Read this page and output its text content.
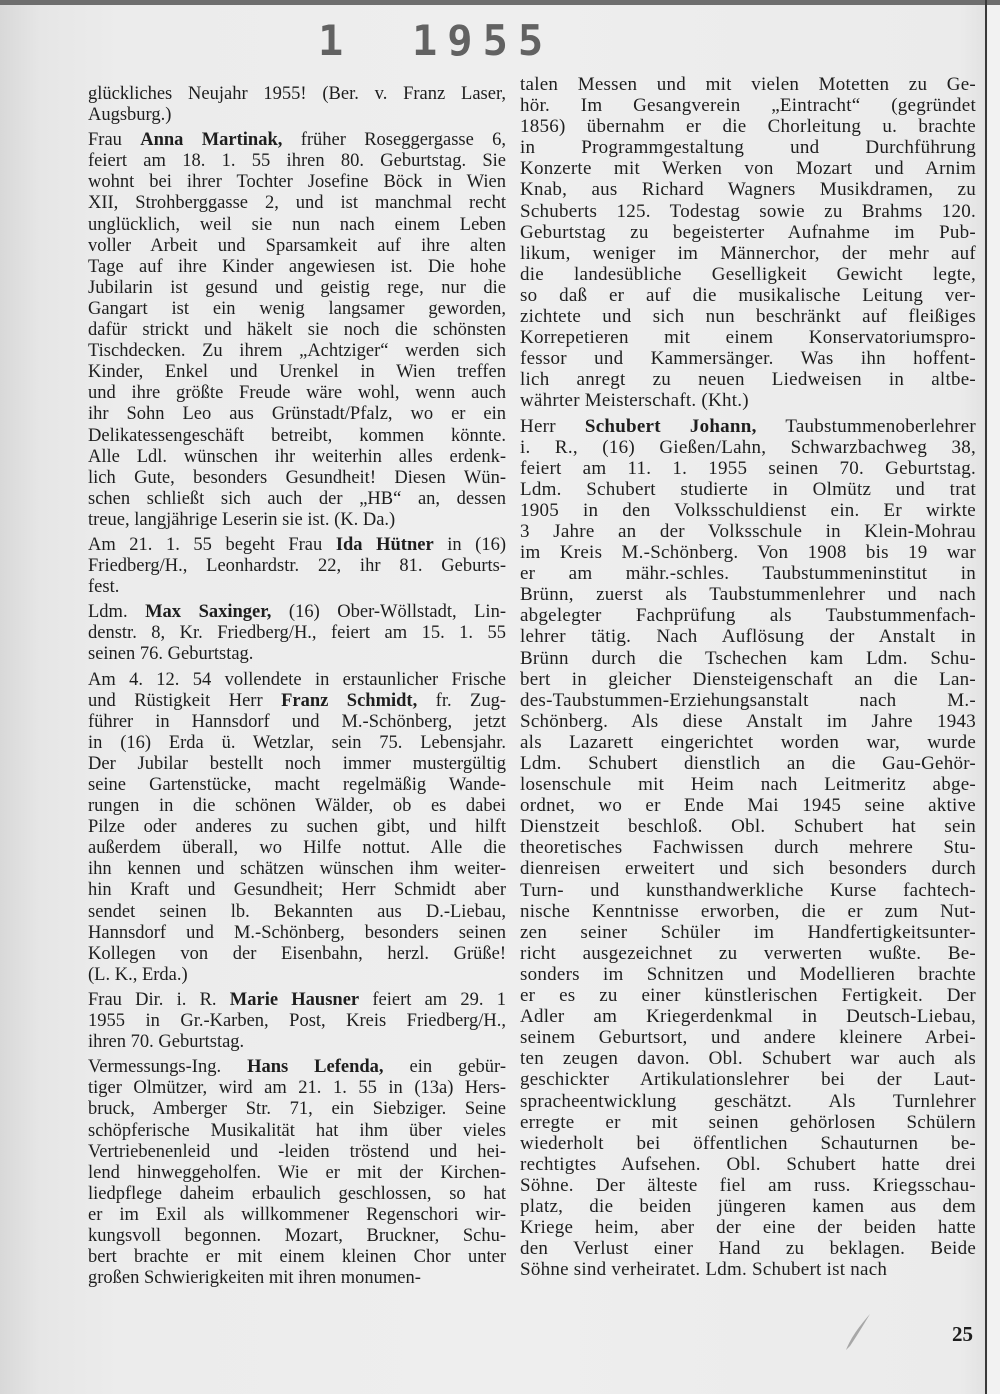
1 1955
glückliches Neujahr 1955! (Ber. v. Franz Laser,
Augsburg.)
Frau Anna Martinak, früher Roseggergasse 6,
feiert am 18. 1. 55 ihren 80. Geburtstag. Sie
wohnt bei ihrer Tochter Josefine Böck in Wien
XII, Strohberggasse 2, und ist manchmal recht
unglücklich, weil sie nun nach einem Leben
voller Arbeit und Sparsamkeit auf ihre alten
Tage auf ihre Kinder angewiesen ist. Die hohe
Jubilarin ist gesund und geistig rege, nur die
Gangart ist ein wenig langsamer geworden,
dafür strickt und häkelt sie noch die schönsten
Tischdecken. Zu ihrem „Achtziger“ werden sich
Kinder, Enkel und Urenkel in Wien treffen
und ihre größte Freude wäre wohl, wenn auch
ihr Sohn Leo aus Grünstadt/Pfalz, wo er ein
Delikatessengeschäft betreibt, kommen könnte.
Alle Ldl. wünschen ihr weiterhin alles erdenk-
lich Gute, besonders Gesundheit! Diesen Wün-
schen schließt sich auch der „HB“ an, dessen
treue, langjährige Leserin sie ist. (K. Da.)
Am 21. 1. 55 begeht Frau Ida Hütner in (16)
Friedberg/H., Leonhardstr. 22, ihr 81. Geburts-
fest.
Ldm. Max Saxinger, (16) Ober-Wöllstadt, Lin-
denstr. 8, Kr. Friedberg/H., feiert am 15. 1. 55
seinen 76. Geburtstag.
Am 4. 12. 54 vollendete in erstaunlicher Frische
und Rüstigkeit Herr Franz Schmidt, fr. Zug-
führer in Hannsdorf und M.-Schönberg, jetzt
in (16) Erda ü. Wetzlar, sein 75. Lebensjahr.
Der Jubilar bestellt noch immer mustergültig
seine Gartenstücke, macht regelmäßig Wande-
rungen in die schönen Wälder, ob es dabei
Pilze oder anderes zu suchen gibt, und hilft
außerdem überall, wo Hilfe nottut. Alle die
ihn kennen und schätzen wünschen ihm weiter-
hin Kraft und Gesundheit; Herr Schmidt aber
sendet seinen lb. Bekannten aus D.-Liebau,
Hannsdorf und M.-Schönberg, besonders seinen
Kollegen von der Eisenbahn, herzl. Grüße!
(L. K., Erda.)
Frau Dir. i. R. Marie Hausner feiert am 29. 1
1955 in Gr.-Karben, Post, Kreis Friedberg/H.,
ihren 70. Geburtstag.
Vermessungs-Ing. Hans Lefenda, ein gebür-
tiger Olmützer, wird am 21. 1. 55 in (13a) Hers-
bruck, Amberger Str. 71, ein Siebziger. Seine
schöpferische Musikalität hat ihm über vieles
Vertriebenenleid und -leiden tröstend und hei-
lend hinweggeholfen. Wie er mit der Kirchen-
liedpflege daheim erbaulich geschlossen, so hat
er im Exil als willkommener Regenschori wir-
kungsvoll begonnen. Mozart, Bruckner, Schu-
bert brachte er mit einem kleinen Chor unter
großen Schwierigkeiten mit ihren monumen-
talen Messen und mit vielen Motetten zu Ge-
hör. Im Gesangverein „Eintracht“ (gegründet
1856) übernahm er die Chorleitung u. brachte
in Programmgestaltung und Durchführung
Konzerte mit Werken von Mozart und Arnim
Knab, aus Richard Wagners Musikdramen, zu
Schuberts 125. Todestag sowie zu Brahms 120.
Geburtstag zu begeisterter Aufnahme im Pub-
likum, weniger im Männerchor, der mehr auf
die landesübliche Geselligkeit Gewicht legte,
so daß er auf die musikalische Leitung ver-
zichtete und sich nun beschränkt auf fleißiges
Korrepetieren mit einem Konservatoriumspro-
fessor und Kammersänger. Was ihn hoffent-
lich anregt zu neuen Liedweisen in altbe-
währter Meisterschaft. (Kht.)
Herr Schubert Johann, Taubstummenoberlehrer
i. R., (16) Gießen/Lahn, Schwarzbachweg 38,
feiert am 11. 1. 1955 seinen 70. Geburtstag.
Ldm. Schubert studierte in Olmütz und trat
1905 in den Volksschuldienst ein. Er wirkte
3 Jahre an der Volksschule in Klein-Mohrau
im Kreis M.-Schönberg. Von 1908 bis 19 war
er am mähr.-schles. Taubstummeninstitut in
Brünn, zuerst als Taubstummenlehrer und nach
abgelegter Fachprüfung als Taubstummenfach-
lehrer tätig. Nach Auflösung der Anstalt in
Brünn durch die Tschechen kam Ldm. Schu-
bert in gleicher Diensteigenschaft an die Lan-
des-Taubstummen-Erziehungsanstalt nach M.-
Schönberg. Als diese Anstalt im Jahre 1943
als Lazarett eingerichtet worden war, wurde
Ldm. Schubert dienstlich an die Gau-Gehör-
losenschule mit Heim nach Leitmeritz abge-
ordnet, wo er Ende Mai 1945 seine aktive
Dienstzeit beschloß. Obl. Schubert hat sein
theoretisches Fachwissen durch mehrere Stu-
dienreisen erweitert und sich besonders durch
Turn- und kunsthandwerkliche Kurse fachtech-
nische Kenntnisse erworben, die er zum Nut-
zen seiner Schüler im Handfertigkeitsunter-
richt ausgezeichnet zu verwerten wußte. Be-
sonders im Schnitzen und Modellieren brachte
er es zu einer künstlerischen Fertigkeit. Der
Adler am Kriegerdenkmal in Deutsch-Liebau,
seinem Geburtsort, und andere kleinere Arbei-
ten zeugen davon. Obl. Schubert war auch als
geschickter Artikulationslehrer bei der Laut-
spracheentwicklung geschätzt. Als Turnlehrer
erregte er mit seinen gehörlosen Schülern
wiederholt bei öffentlichen Schauturnen be-
rechtigtes Aufsehen. Obl. Schubert hatte drei
Söhne. Der älteste fiel am russ. Kriegsschau-
platz, die beiden jüngeren kamen aus dem
Kriege heim, aber der eine der beiden hatte
den Verlust einer Hand zu beklagen. Beide
Söhne sind verheiratet. Ldm. Schubert ist nach
25
